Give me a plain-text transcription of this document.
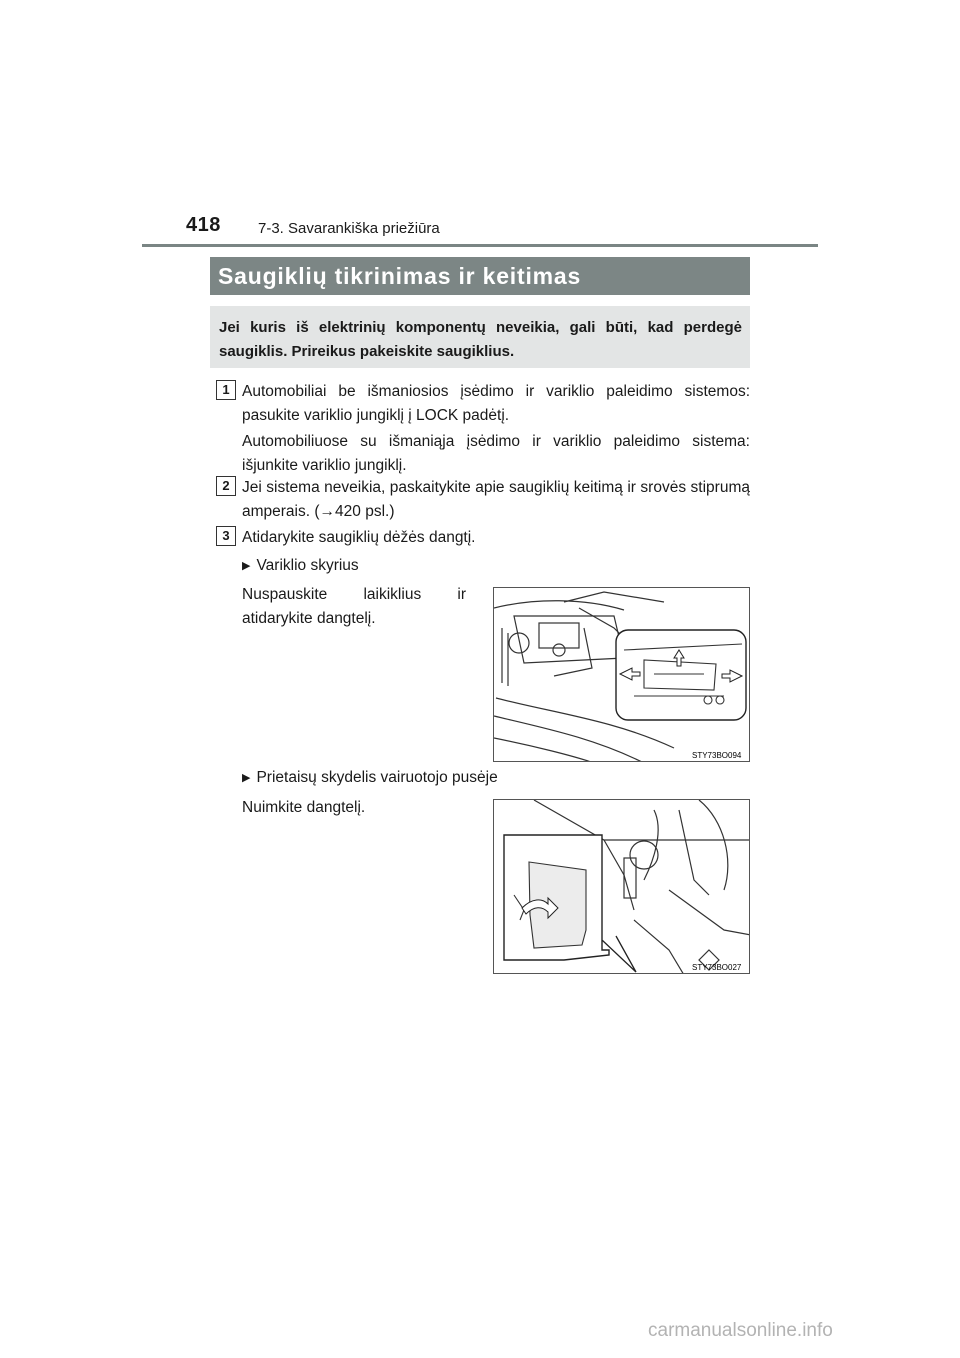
418 7-3. Savarankiška priežiūra
Saugiklių tikrinimas ir keitimas
Jei kuris iš elektrinių komponentų neveikia, gali būti, kad perdegė saugiklis. Prireikus pakeiskite saugiklius.
1 Automobiliai be išmaniosios įsėdimo ir variklio paleidimo sistemos: pasukite variklio jungiklį į LOCK padėtį.
Automobiliuose su išmaniąja įsėdimo ir variklio paleidimo sistema: išjunkite variklio jungiklį.
2 Jei sistema neveikia, paskaitykite apie saugiklių keitimą ir srovės stiprumą amperais. (→420 psl.)
3 Atidarykite saugiklių dėžės dangtį.
▶ Variklio skyrius
Nuspauskite laikiklius ir atidarykite dangtelį.
STY73BO094
▶ Prietaisų skydelis vairuotojo pusėje
Nuimkite dangtelį.
STY73BO027
carmanualsonline.info
